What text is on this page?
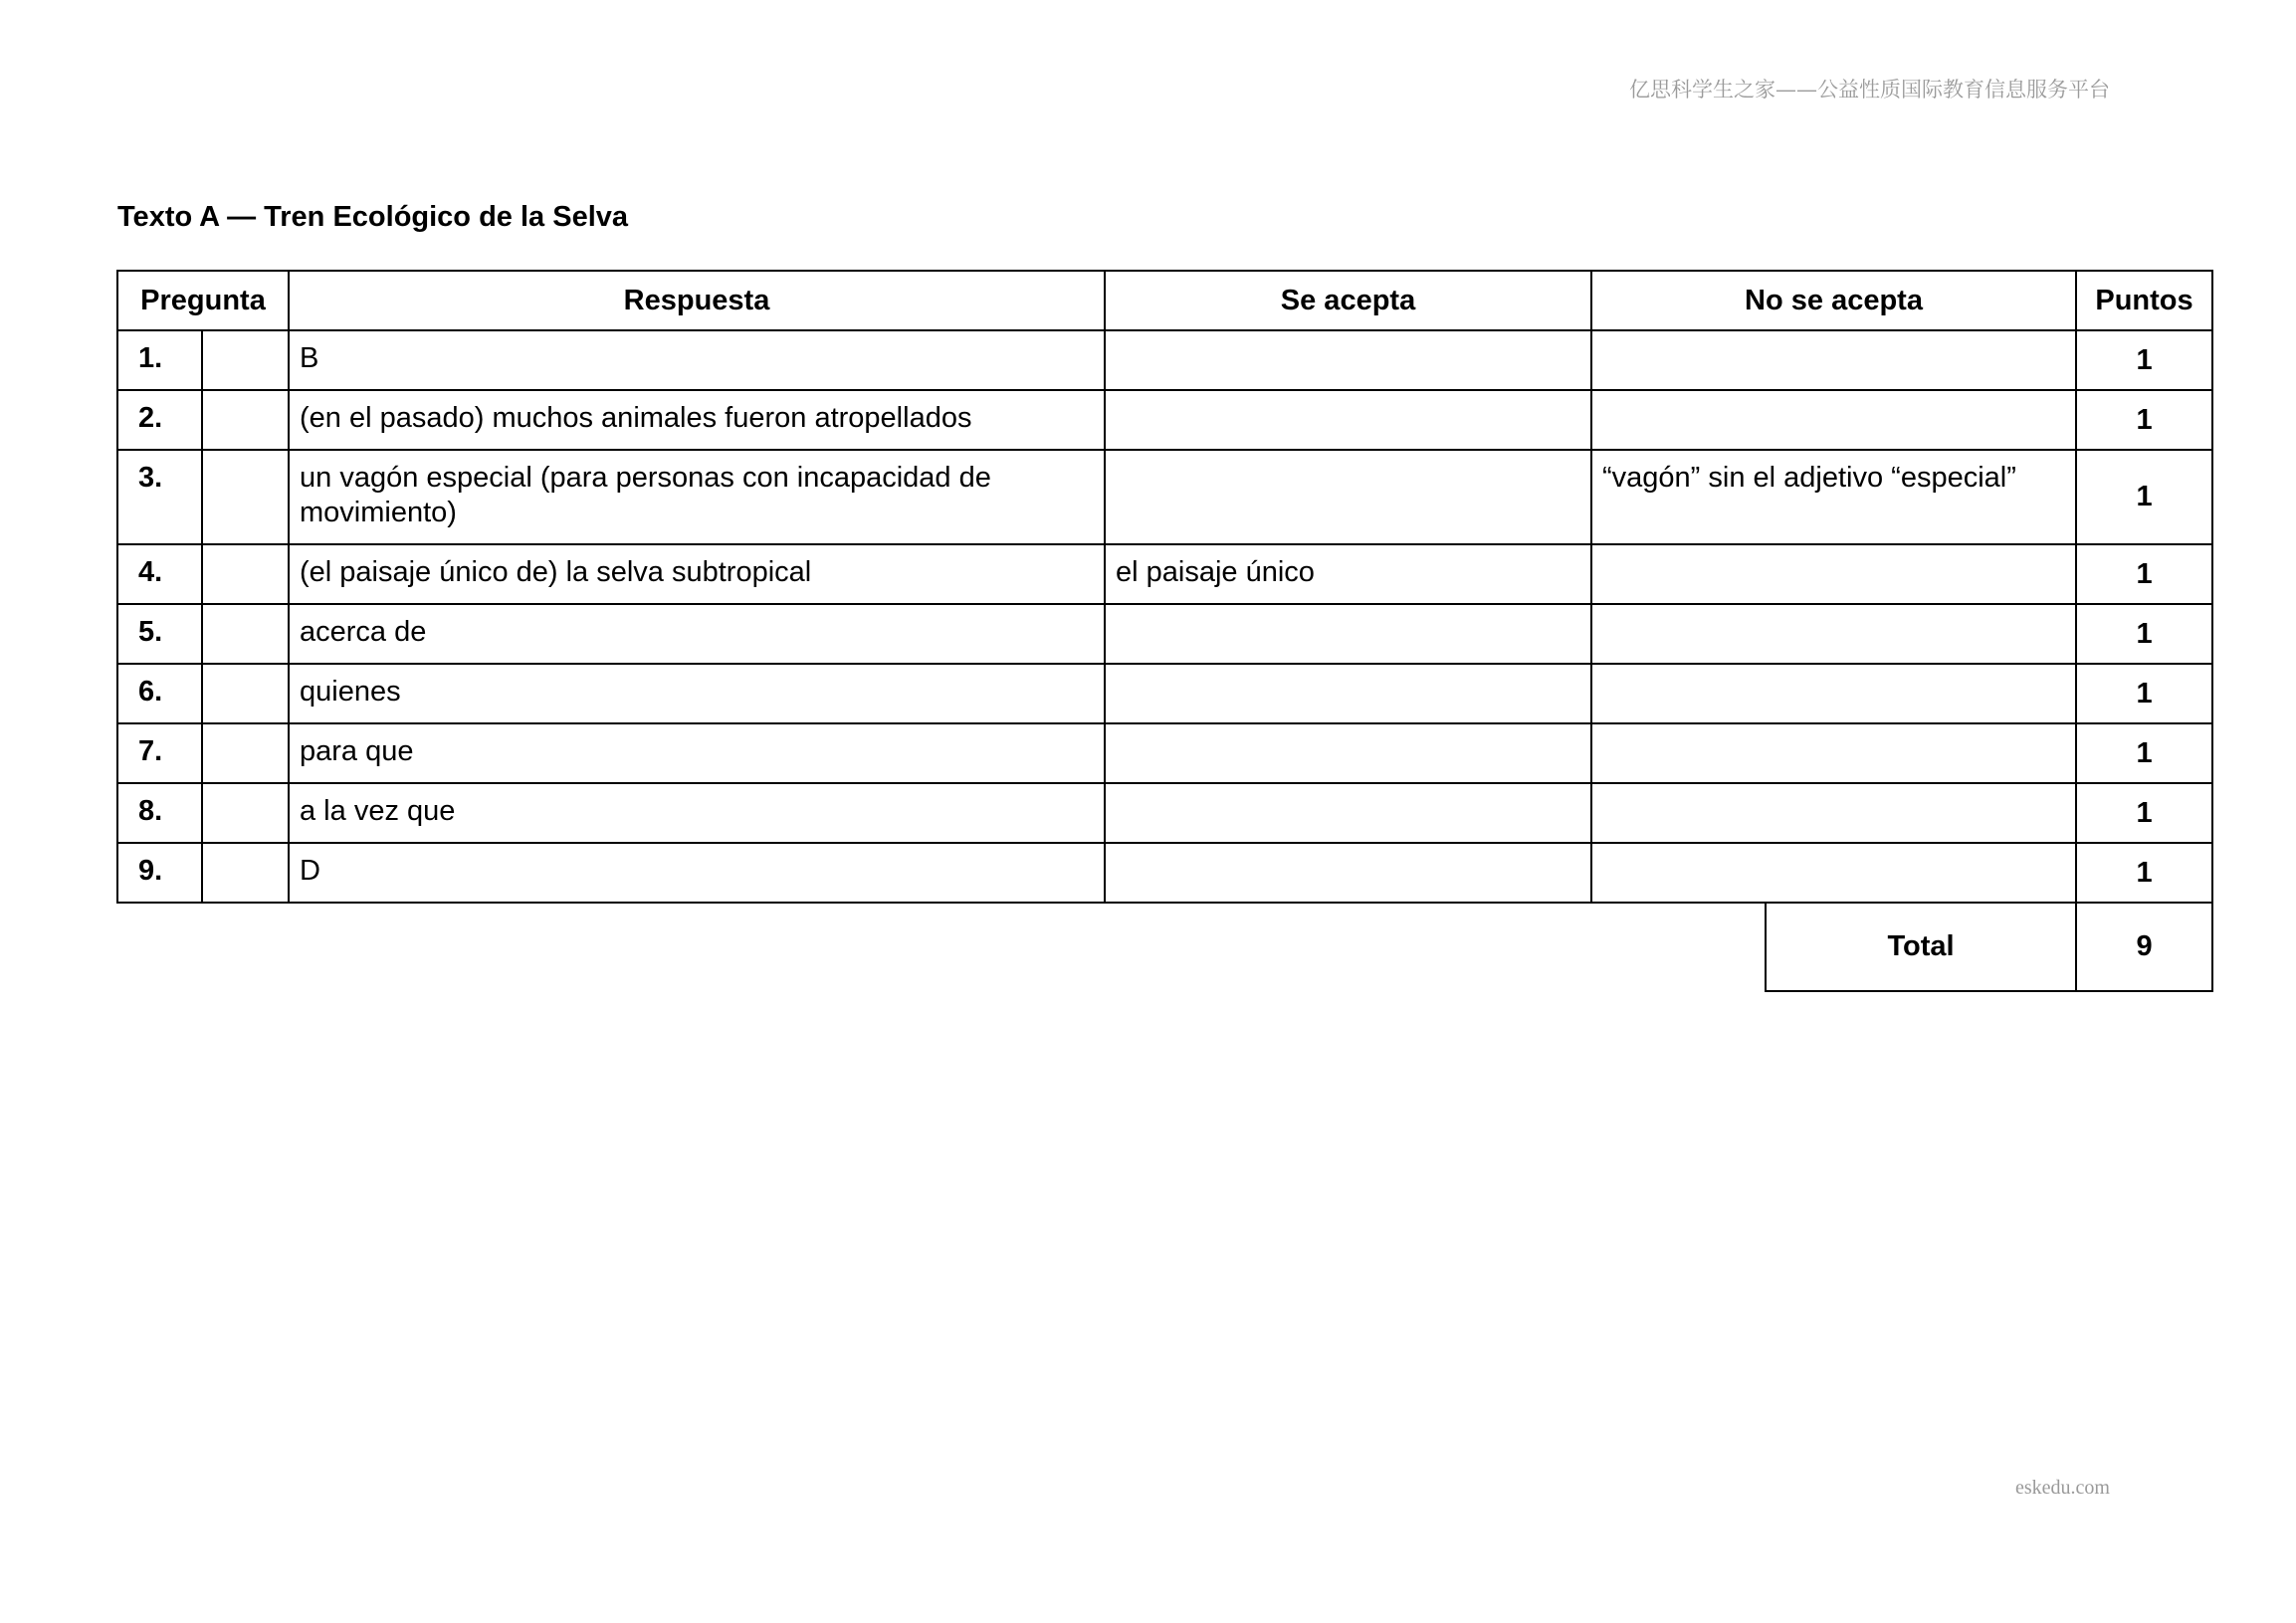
亿思科学生之家——公益性质国际教育信息服务平台
Texto A — Tren Ecológico de la Selva
Pregunta		Respuesta	Se acepta	No se acepta		Puntos
1.		B				1
2.		(en el pasado) muchos animales fueron atropellados				1
3.		un vagón especial (para personas con incapacidad de movimiento)		“vagón” sin el adjetivo “especial”		1
4.		(el paisaje único de) la selva subtropical	el paisaje único			1
5.		acerca de				1
6.		quienes				1
7.		para que				1
8.		a la vez que				1
9.		D				1
					Total	9
eskedu.com
